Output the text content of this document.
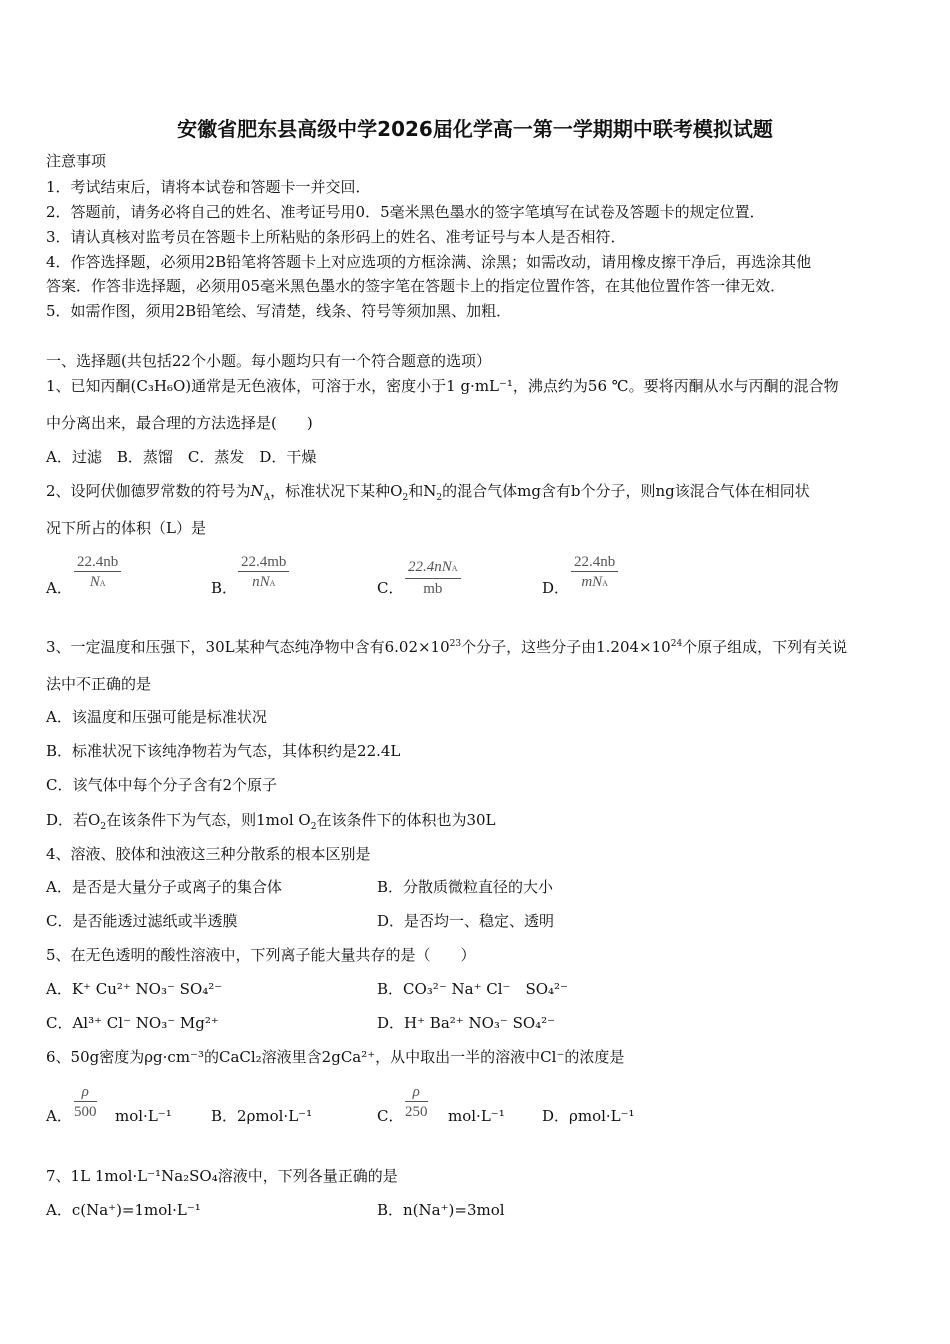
安徽省肥东县高级中学2026届化学高一第一学期期中联考模拟试题
注意事项
1．考试结束后，请将本试卷和答题卡一并交回．
2．答题前，请务必将自己的姓名、准考证号用0．5毫米黑色墨水的签字笔填写在试卷及答题卡的规定位置．
3．请认真核对监考员在答题卡上所粘贴的条形码上的姓名、准考证号与本人是否相符．
4．作答选择题，必须用2B铅笔将答题卡上对应选项的方框涂满、涂黑；如需改动，请用橡皮擦干净后，再选涂其他
答案．作答非选择题，必须用05毫米黑色墨水的签字笔在答题卡上的指定位置作答，在其他位置作答一律无效．
5．如需作图，须用2B铅笔绘、写清楚，线条、符号等须加黑、加粗．
一、选择题(共包括22个小题。每小题均只有一个符合题意的选项）
1、已知丙酮(C₃H₆O)通常是无色液体，可溶于水，密度小于1 g·mL⁻¹，沸点约为56 ℃。要将丙酮从水与丙酮的混合物
中分离出来，最合理的方法选择是(　　)
A．过滤　B．蒸馏　C．蒸发　D．干燥
2、设阿伏伽德罗常数的符号为$N_A$，标准状况下某种$O_2$和$N_2$的混合气体mg含有b个分子，则ng该混合气体在相同状
况下所占的体积（L）是
A． $\frac{22.4nb}{NA}$	B．
22.4mb
nNA	C．
22.4nNA
mb	D．
22.4nb
mNA
3、一定温度和压强下，30L某种气态纯净物中含有$6.02\times 10^{23}$个分子，这些分子由$1.204\times 10^{24}$个原子组成，下列有关说
法中不正确的是
A．该温度和压强可能是标准状况
B．标准状况下该纯净物若为气态，其体积约是22.4L
C．该气体中每个分子含有2个原子
D．若$O_2$在该条件下为气态，则1mol $O_2$在该条件下的体积也为30L
4、溶液、胶体和浊液这三种分散系的根本区别是
A．是否是大量分子或离子的集合体	B．分散质微粒直径的大小
C．是否能透过滤纸或半透膜	D．是否均一、稳定、透明
5、在无色透明的酸性溶液中，下列离子能大量共存的是（　　）
A．K⁺ Cu²⁺ NO₃⁻ SO₄²⁻	B．CO₃²⁻ Na⁺ Cl⁻　SO₄²⁻
C．Al³⁺ Cl⁻ NO₃⁻ Mg²⁺	D．H⁺ Ba²⁺ NO₃⁻ SO₄²⁻
6、50g密度为ρg·cm⁻³的CaCl₂溶液里含2gCa²⁺，从中取出一半的溶液中Cl⁻的浓度是
A． $\frac{\rho}{500} mol\cdot L^{-1}$	B．2ρmol·L⁻¹	C． $\frac{\rho}{250} mol\cdot L^{-1}$ D．ρmol·L⁻¹
7、1L 1mol·L⁻¹Na₂SO₄溶液中，下列各量正确的是
A．c(Na⁺)=1mol·L⁻¹	B．n(Na⁺)=3mol
